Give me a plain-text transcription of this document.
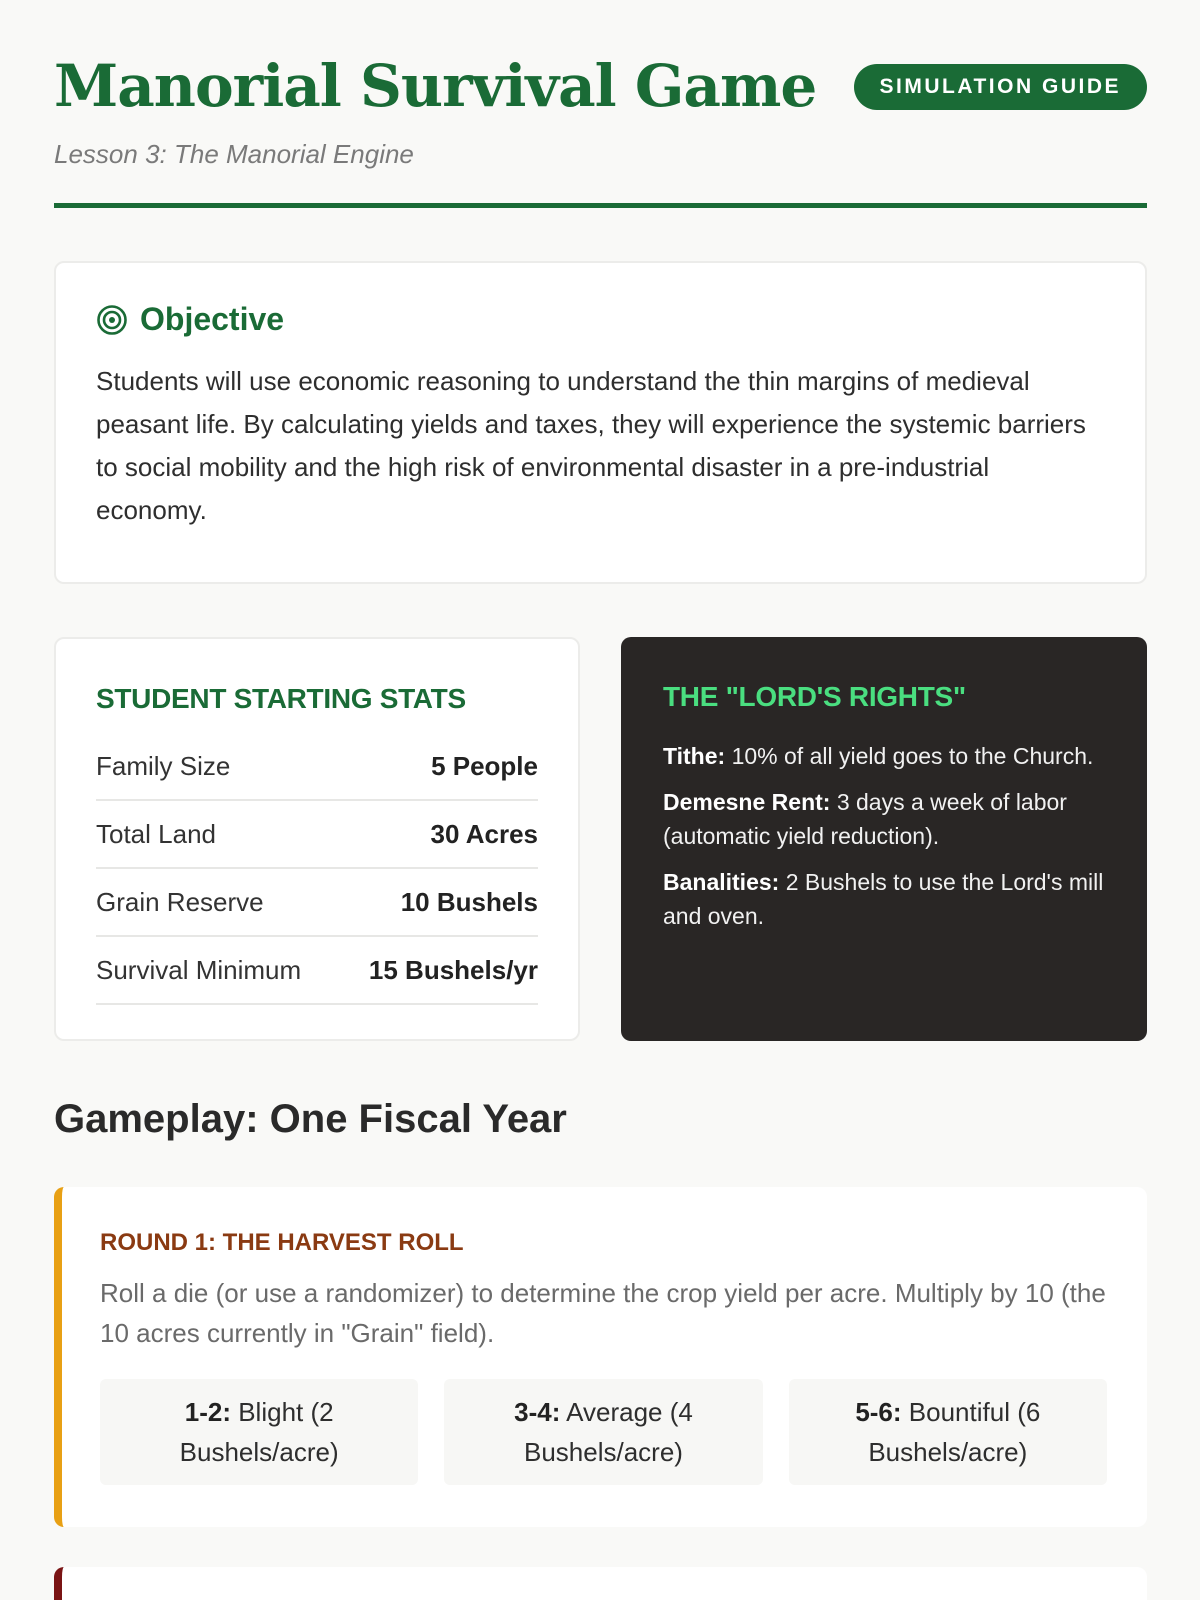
Manorial Survival Game
Lesson 3: The Manorial Engine
SIMULATION GUIDE
Objective

Students will use economic reasoning to understand the thin margins of medieval peasant life. By calculating yields and taxes, they will experience the systemic barriers to social mobility and the high risk of environmental disaster in a pre-industrial economy.

STUDENT STARTING STATS
Family Size	5 People
Total Land	30 Acres
Grain Reserve	10 Bushels
Survival Minimum	15 Bushels/yr
THE "LORD'S RIGHTS"

Tithe: 10% of all yield goes to the Church.

Demesne Rent: 3 days a week of labor (automatic yield reduction).

Banalities: 2 Bushels to use the Lord's mill and oven.

Gameplay: One Fiscal Year
ROUND 1: THE HARVEST ROLL

Roll a die (or use a randomizer) to determine the crop yield per acre. Multiply by 10 (the 10 acres currently in "Grain" field).

1-2: Blight (2 Bushels/acre)
3-4: Average (4 Bushels/acre)
5-6: Bountiful (6 Bushels/acre)
